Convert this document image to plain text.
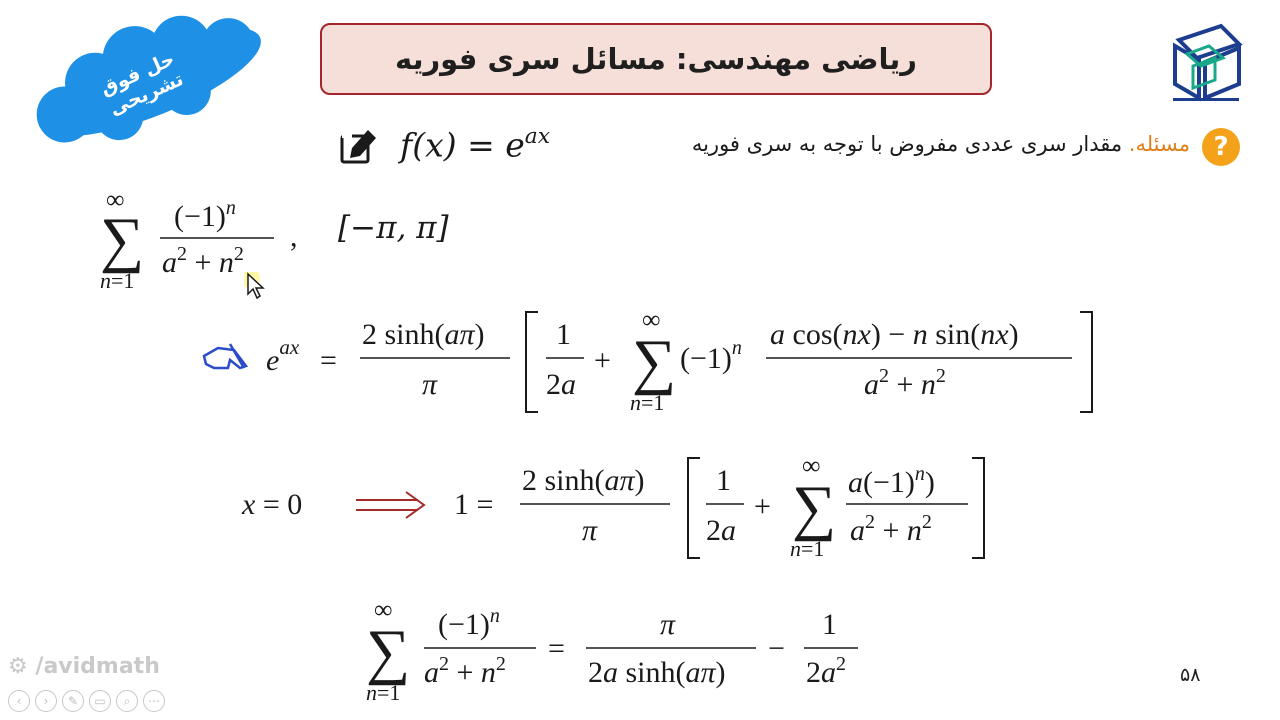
ریاضی مهندسی: مسائل سری فوریه
حل فوق تشریحی
?
مسئله. مقدار سری عددی مفروض با توجه به سری فوریه
$f(x) = e^{ax}$
∞
∑
n=1
$(-1)^n$
$a^2 + n^2$
, [−π, π]
$e^{ax}$ =
2 sinh(aπ)
π
1
2a
+
∞
∑
n=1
$(-1)^n$ a cos(nx) − n sin(nx)
$a^2 + n^2$
x = 0	1 =
2 sinh(aπ)
π
1
2a
+
∞
∑
n=1
$a(-1)^n$)
$a^2 + n^2$
∞
∑
n=1
$(-1)^n$
$a^2 + n^2$ =
π
2a sinh(aπ)
−
1
$2a^2$
⚙ /avidmath	۵۸
‹	›	✎	▭	⌕	⋯
